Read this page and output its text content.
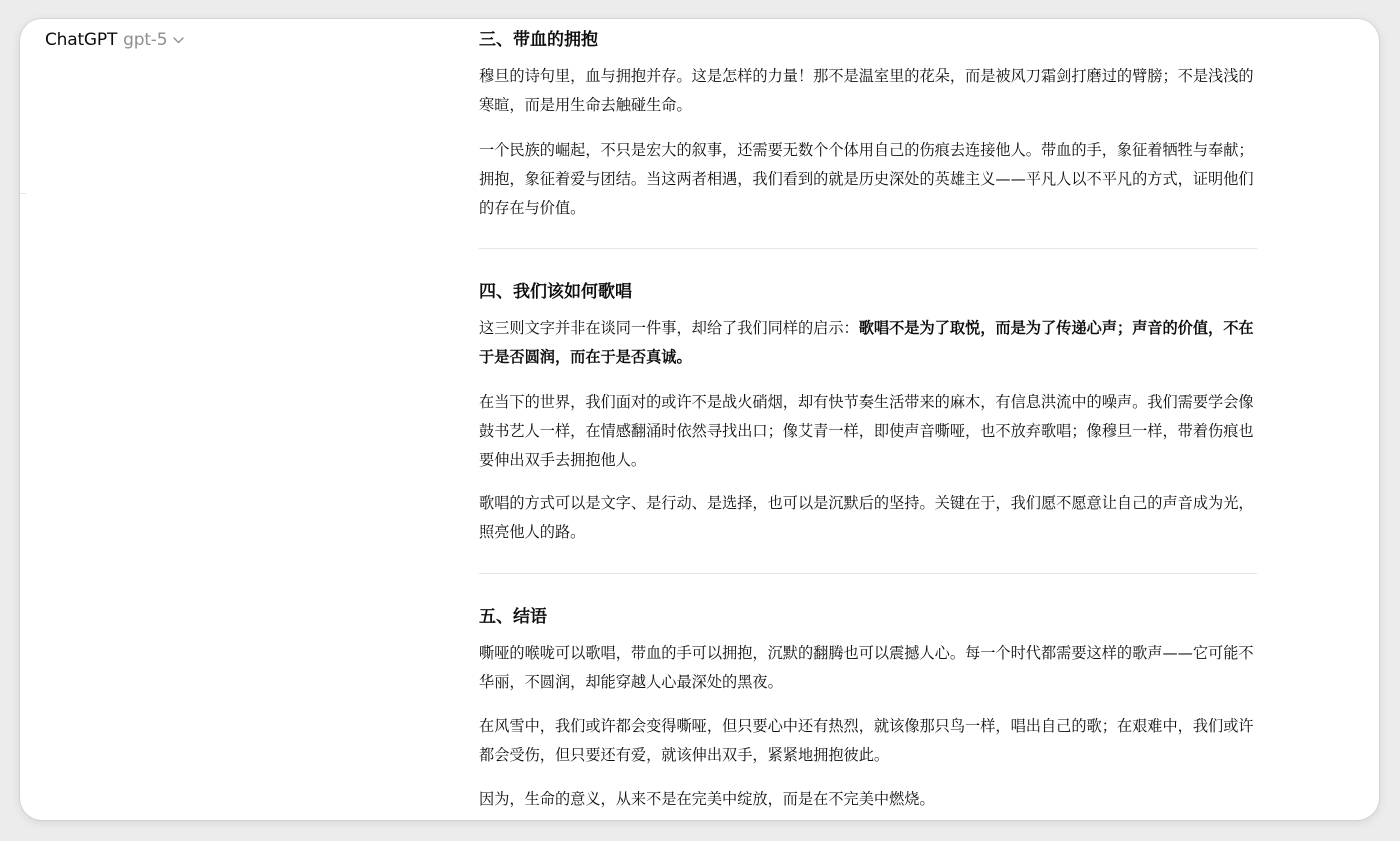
ChatGPT gpt-5	三、带血的拥抱

穆旦的诗句里，血与拥抱并存。这是怎样的力量！那不是温室里的花朵，而是被风刀霜剑打磨过的臂膀；不是浅浅的寒暄，而是用生命去触碰生命。

一个民族的崛起，不只是宏大的叙事，还需要无数个个体用自己的伤痕去连接他人。带血的手，象征着牺牲与奉献；拥抱，象征着爱与团结。当这两者相遇，我们看到的就是历史深处的英雄主义——平凡人以不平凡的方式，证明他们的存在与价值。

四、我们该如何歌唱

这三则文字并非在谈同一件事，却给了我们同样的启示：歌唱不是为了取悦，而是为了传递心声；声音的价值，不在于是否圆润，而在于是否真诚。

在当下的世界，我们面对的或许不是战火硝烟，却有快节奏生活带来的麻木，有信息洪流中的噪声。我们需要学会像鼓书艺人一样，在情感翻涌时依然寻找出口；像艾青一样，即使声音嘶哑，也不放弃歌唱；像穆旦一样，带着伤痕也要伸出双手去拥抱他人。

歌唱的方式可以是文字、是行动、是选择，也可以是沉默后的坚持。关键在于，我们愿不愿意让自己的声音成为光，照亮他人的路。

五、结语

嘶哑的喉咙可以歌唱，带血的手可以拥抱，沉默的翻腾也可以震撼人心。每一个时代都需要这样的歌声——它可能不华丽，不圆润，却能穿越人心最深处的黑夜。

在风雪中，我们或许都会变得嘶哑，但只要心中还有热烈，就该像那只鸟一样，唱出自己的歌；在艰难中，我们或许都会受伤，但只要还有爱，就该伸出双手，紧紧地拥抱彼此。

因为，生命的意义，从来不是在完美中绽放，而是在不完美中燃烧。
